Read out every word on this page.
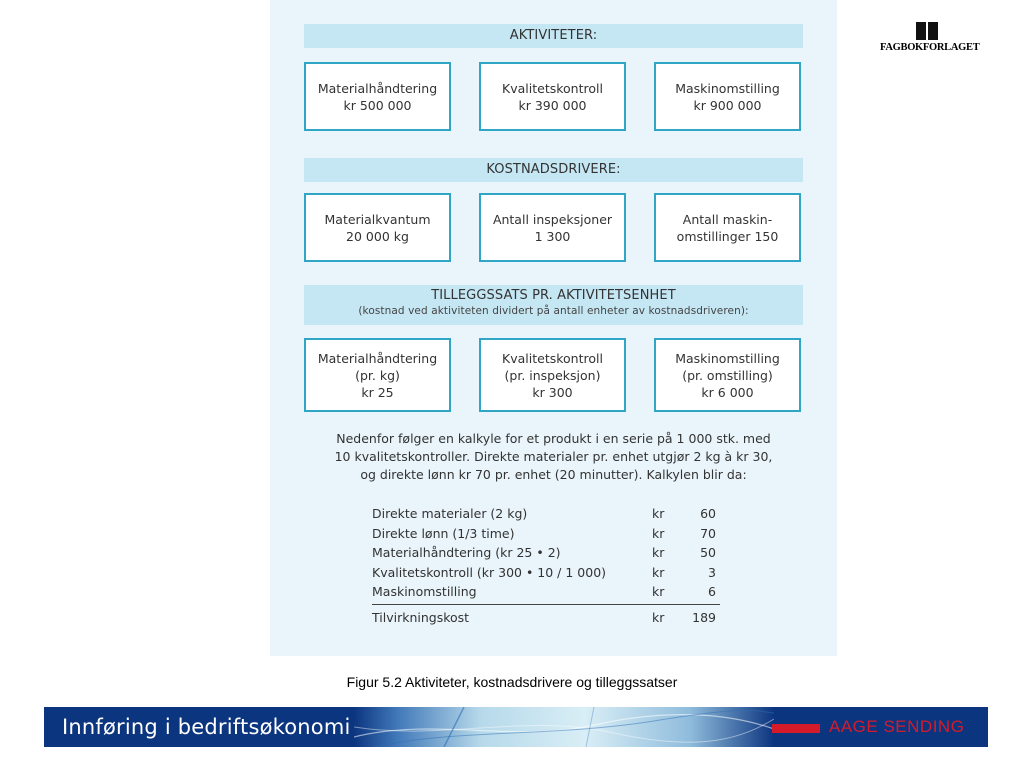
AKTIVITETER:
Materialhåndtering
kr 500 000
Kvalitetskontroll
kr 390 000
Maskinomstilling
kr 900 000
KOSTNADSDRIVERE:
Materialkvantum
20 000 kg
Antall inspeksjoner
1 300
Antall maskin-
omstillinger 150
TILLEGGSSATS PR. AKTIVITETSENHET
(kostnad ved aktiviteten dividert på antall enheter av kostnadsdriveren):
Materialhåndtering
(pr. kg)
kr 25
Kvalitetskontroll
(pr. inspeksjon)
kr 300
Maskinomstilling
(pr. omstilling)
kr 6 000
Nedenfor følger en kalkyle for et produkt i en serie på 1 000 stk. med
10 kvalitetskontroller. Direkte materialer pr. enhet utgjør 2 kg à kr 30,
og direkte lønn kr 70 pr. enhet (20 minutter). Kalkylen blir da:
Direkte materialer (2 kg)	kr	60
Direkte lønn (1/3 time)	kr	70
Materialhåndtering (kr 25 • 2)	kr	50
Kvalitetskontroll (kr 300 • 10 / 1 000)	kr	3
Maskinomstilling	kr	6
Tilvirkningskost	kr 189
FAGBOKFORLAGET
Figur 5.2 Aktiviteter, kostnadsdrivere og tilleggssatser
Innføring i bedriftsøkonomi	AAGE SENDING
